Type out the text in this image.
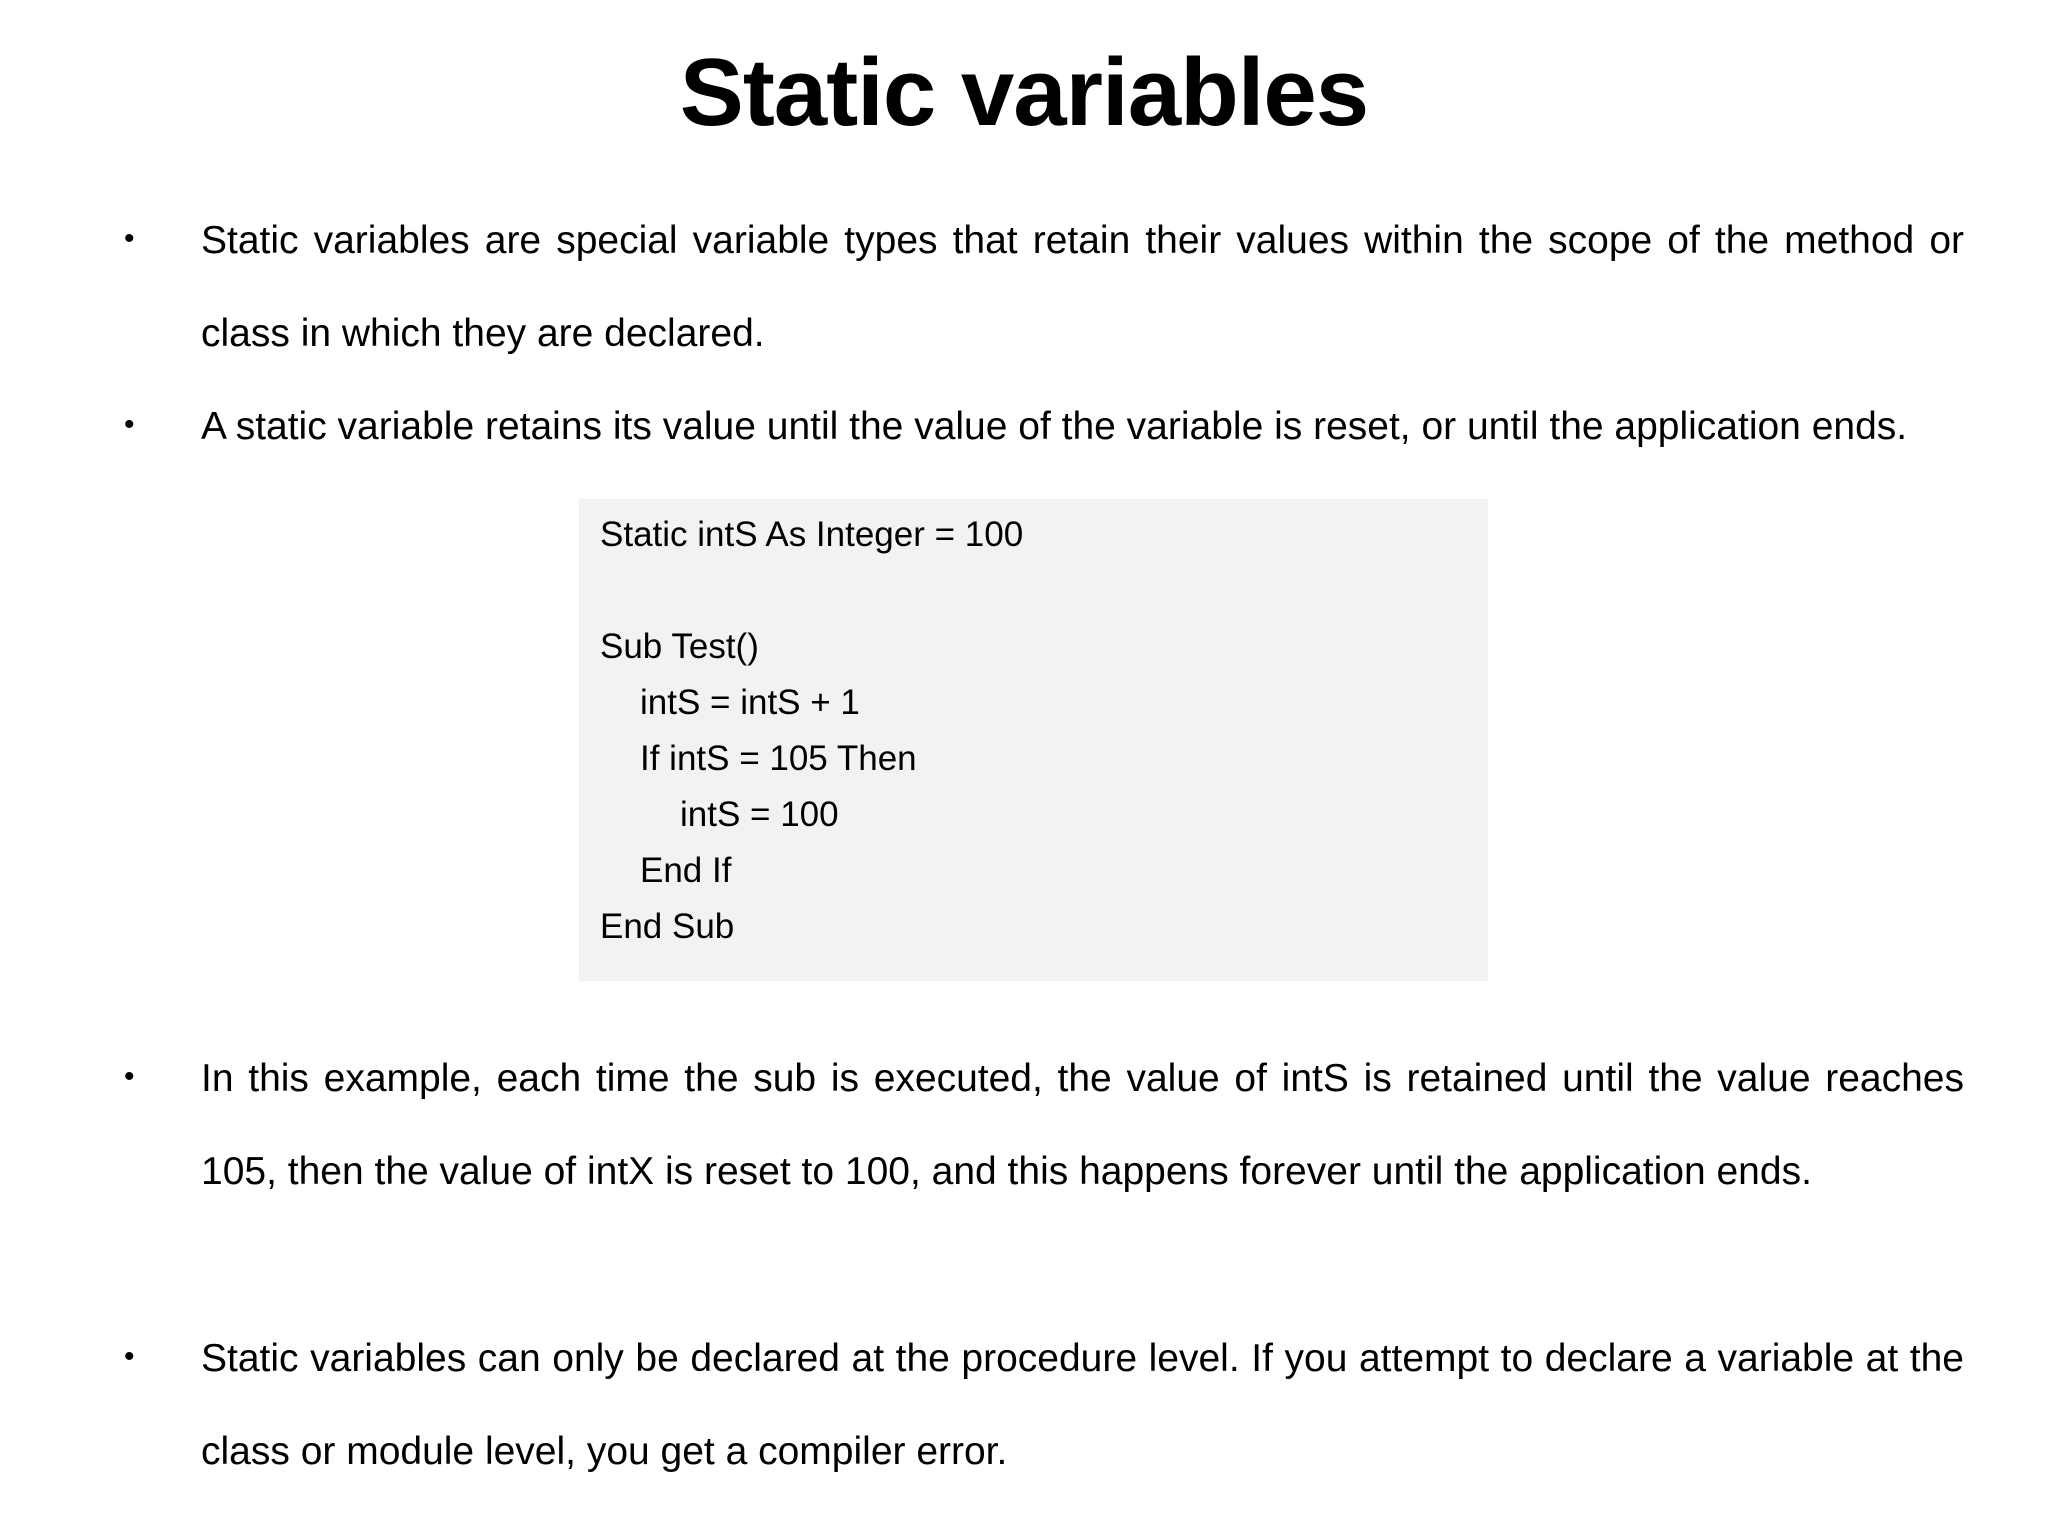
Static variables
• Static variables are special variable types that retain their values within the scope of the method or class in which they are declared.
• A static variable retains its value until the value of the variable is reset, or until the application ends.
Static intS As Integer = 100
Sub Test()
intS = intS + 1
If intS = 105 Then
intS = 100
End If
End Sub
• In this example, each time the sub is executed, the value of intS is retained until the value reaches 105, then the value of intX is reset to 100, and this happens forever until the application ends.
• Static variables can only be declared at the procedure level. If you attempt to declare a variable at the class or module level, you get a compiler error.
